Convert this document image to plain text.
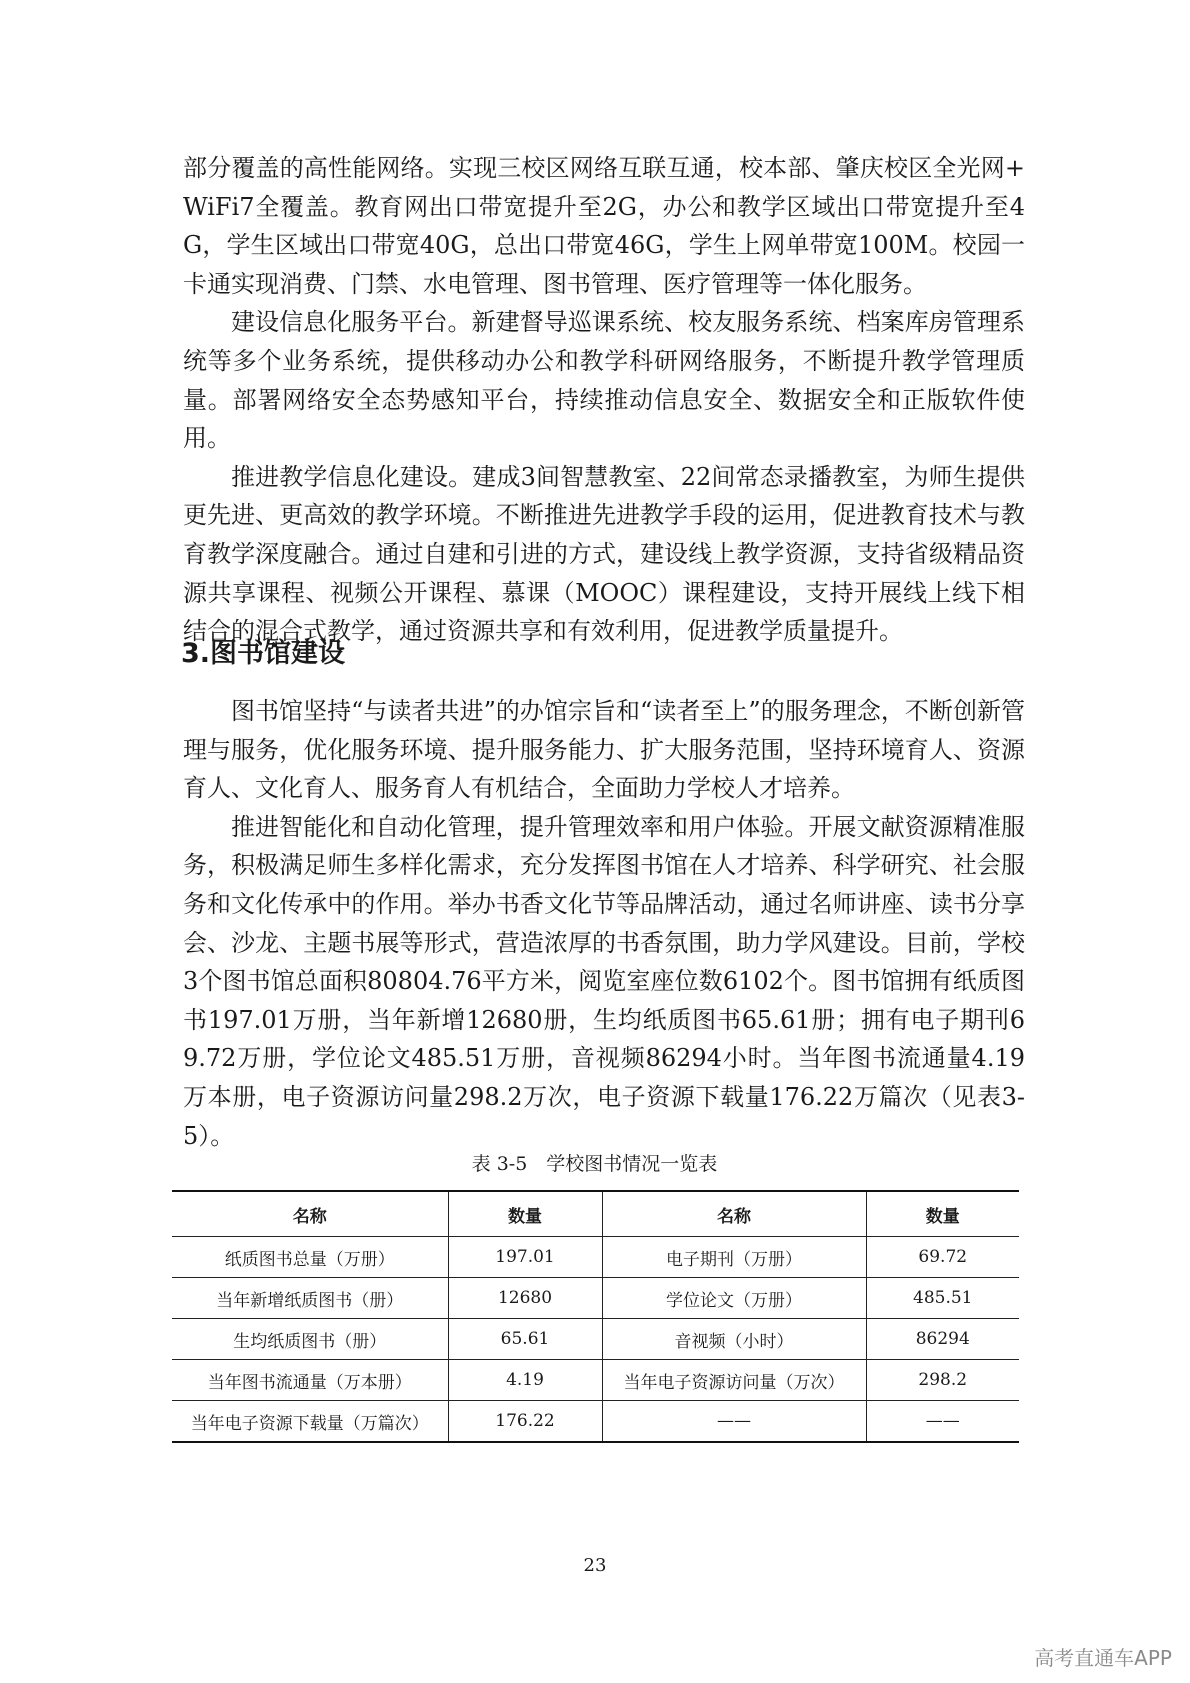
部分覆盖的高性能网络。实现三校区网络互联互通，校本部、肇庆校区全光网+WiFi7全覆盖。教育网出口带宽提升至2G，办公和教学区域出口带宽提升至4G，学生区域出口带宽40G，总出口带宽46G，学生上网单带宽100M。校园一卡通实现消费、门禁、水电管理、图书管理、医疗管理等一体化服务。

建设信息化服务平台。新建督导巡课系统、校友服务系统、档案库房管理系统等多个业务系统，提供移动办公和教学科研网络服务，不断提升教学管理质量。部署网络安全态势感知平台，持续推动信息安全、数据安全和正版软件使用。

推进教学信息化建设。建成3间智慧教室、22间常态录播教室，为师生提供更先进、更高效的教学环境。不断推进先进教学手段的运用，促进教育技术与教育教学深度融合。通过自建和引进的方式，建设线上教学资源，支持省级精品资源共享课程、视频公开课程、慕课（MOOC）课程建设，支持开展线上线下相结合的混合式教学，通过资源共享和有效利用，促进教学质量提升。

3.图书馆建设

图书馆坚持“与读者共进”的办馆宗旨和“读者至上”的服务理念，不断创新管理与服务，优化服务环境、提升服务能力、扩大服务范围，坚持环境育人、资源育人、文化育人、服务育人有机结合，全面助力学校人才培养。

推进智能化和自动化管理，提升管理效率和用户体验。开展文献资源精准服务，积极满足师生多样化需求，充分发挥图书馆在人才培养、科学研究、社会服务和文化传承中的作用。举办书香文化节等品牌活动，通过名师讲座、读书分享会、沙龙、主题书展等形式，营造浓厚的书香氛围，助力学风建设。目前，学校3个图书馆总面积80804.76平方米，阅览室座位数6102个。图书馆拥有纸质图书197.01万册，当年新增12680册，生均纸质图书65.61册；拥有电子期刊69.72万册，学位论文485.51万册，音视频86294小时。当年图书流通量4.19万本册，电子资源访问量298.2万次，电子资源下载量176.22万篇次（见表3-5）。

表 3-5　学校图书情况一览表

名称	数量	名称	数量
纸质图书总量（万册）	197.01	电子期刊（万册）	69.72
当年新增纸质图书（册）	12680	学位论文（万册）	485.51
生均纸质图书（册）	65.61	音视频（小时）	86294
当年图书流通量（万本册）	4.19	当年电子资源访问量（万次）	298.2
当年电子资源下载量（万篇次）	176.22	——	——

23

高考直通车APP
